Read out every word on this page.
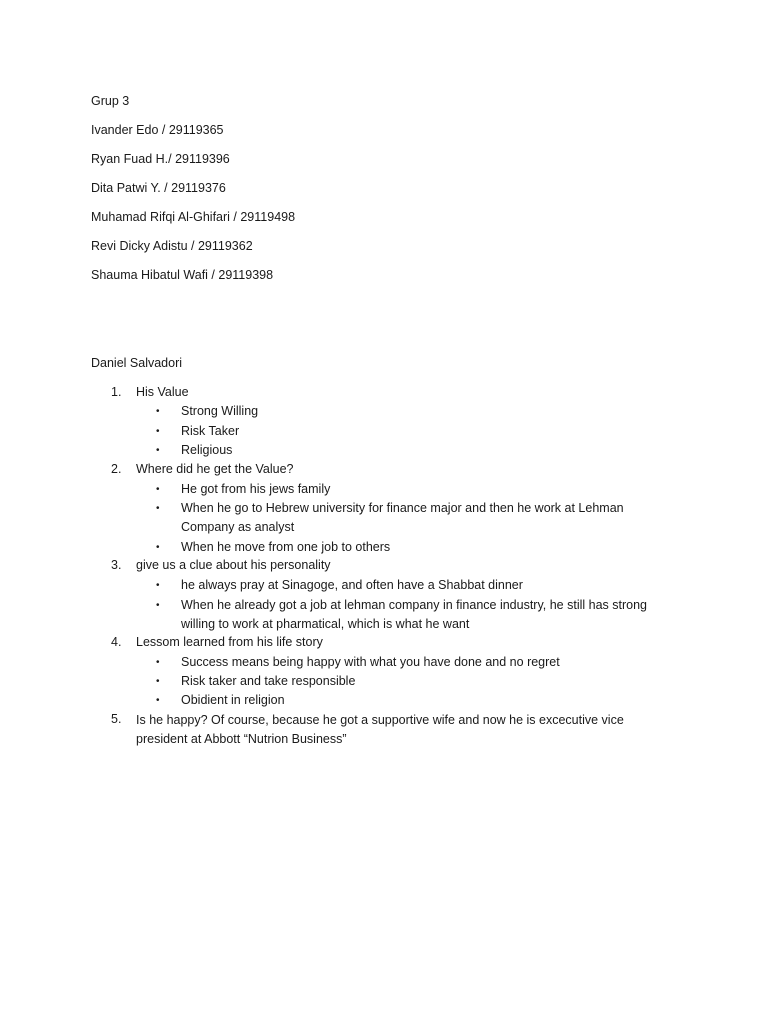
Grup 3
Ivander Edo / 29119365
Ryan Fuad H./ 29119396
Dita Patwi Y. / 29119376
Muhamad Rifqi Al-Ghifari / 29119498
Revi Dicky Adistu / 29119362
Shauma Hibatul Wafi / 29119398
Daniel Salvadori
1.	His Value
• Strong Willing
• Risk Taker
• Religious
2.	Where did he get the Value?
• He got from his jews family
• When he go to Hebrew university for finance major and then he work at Lehman Company as analyst
• When he move from one job to others
3.	give us a clue about his personality
• he always pray at Sinagoge, and often have a Shabbat dinner
• When he already got a job at lehman company in finance industry, he still has strong willing to work at pharmatical, which is what he want
4.	Lessom learned from his life story
• Success means being happy with what you have done and no regret
• Risk taker and take responsible
• Obidient in religion
5.	Is he happy? Of course, because he got a supportive wife and now he is excecutive vice president at Abbott “Nutrion Business”
